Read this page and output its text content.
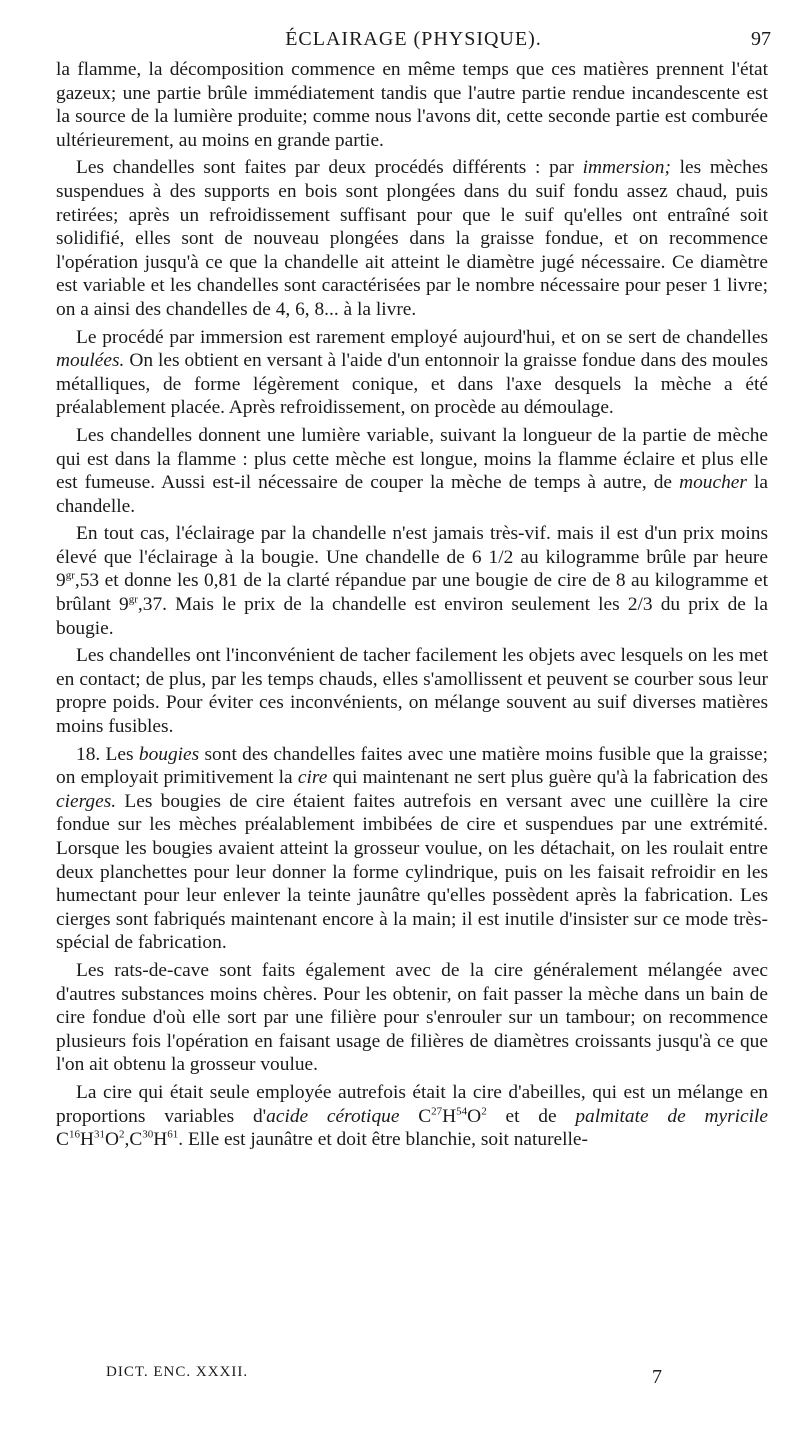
ÉCLAIRAGE (PHYSIQUE).	97

la flamme, la décomposition commence en même temps que ces matières prennent l'état gazeux; une partie brûle immédiatement tandis que l'autre partie rendue incandescente est la source de la lumière produite; comme nous l'avons dit, cette seconde partie est comburée ultérieurement, au moins en grande partie.

Les chandelles sont faites par deux procédés différents : par immersion; les mèches suspendues à des supports en bois sont plongées dans du suif fondu assez chaud, puis retirées; après un refroidissement suffisant pour que le suif qu'elles ont entraîné soit solidifié, elles sont de nouveau plongées dans la graisse fondue, et on recommence l'opération jusqu'à ce que la chandelle ait atteint le diamètre jugé nécessaire. Ce diamètre est variable et les chandelles sont caractérisées par le nombre nécessaire pour peser 1 livre; on a ainsi des chandelles de 4, 6, 8... à la livre.

Le procédé par immersion est rarement employé aujourd'hui, et on se sert de chandelles moulées. On les obtient en versant à l'aide d'un entonnoir la graisse fondue dans des moules métalliques, de forme légèrement conique, et dans l'axe desquels la mèche a été préalablement placée. Après refroidissement, on procède au démoulage.

Les chandelles donnent une lumière variable, suivant la longueur de la partie de mèche qui est dans la flamme : plus cette mèche est longue, moins la flamme éclaire et plus elle est fumeuse. Aussi est-il nécessaire de couper la mèche de temps à autre, de moucher la chandelle.

En tout cas, l'éclairage par la chandelle n'est jamais très-vif. mais il est d'un prix moins élevé que l'éclairage à la bougie. Une chandelle de 6 1/2 au kilogramme brûle par heure $9^{gr},53$ et donne les 0,81 de la clarté répandue par une bougie de cire de 8 au kilogramme et brûlant $9^{gr},37$. Mais le prix de la chandelle est environ seulement les 2/3 du prix de la bougie.

Les chandelles ont l'inconvénient de tacher facilement les objets avec lesquels on les met en contact; de plus, par les temps chauds, elles s'amollissent et peuvent se courber sous leur propre poids. Pour éviter ces inconvénients, on mélange souvent au suif diverses matières moins fusibles.

18. Les bougies sont des chandelles faites avec une matière moins fusible que la graisse; on employait primitivement la cire qui maintenant ne sert plus guère qu'à la fabrication des cierges. Les bougies de cire étaient faites autrefois en versant avec une cuillère la cire fondue sur les mèches préalablement imbibées de cire et suspendues par une extrémité. Lorsque les bougies avaient atteint la grosseur voulue, on les détachait, on les roulait entre deux planchettes pour leur donner la forme cylindrique, puis on les faisait refroidir en les humectant pour leur enlever la teinte jaunâtre qu'elles possèdent après la fabrication. Les cierges sont fabriqués maintenant encore à la main; il est inutile d'insister sur ce mode très-spécial de fabrication.

Les rats-de-cave sont faits également avec de la cire généralement mélangée avec d'autres substances moins chères. Pour les obtenir, on fait passer la mèche dans un bain de cire fondue d'où elle sort par une filière pour s'enrouler sur un tambour; on recommence plusieurs fois l'opération en faisant usage de filières de diamètres croissants jusqu'à ce que l'on ait obtenu la grosseur voulue.

La cire qui était seule employée autrefois était la cire d'abeilles, qui est un mélange en proportions variables d'acide cérotique $C^{27}H^{54}O^2$ et de palmitate de myricile $C^{16}H^{31}O^2,C^{30}H^{61}$. Elle est jaunâtre et doit être blanchie, soit naturelle-

DICT. ENC. XXXII.	7
